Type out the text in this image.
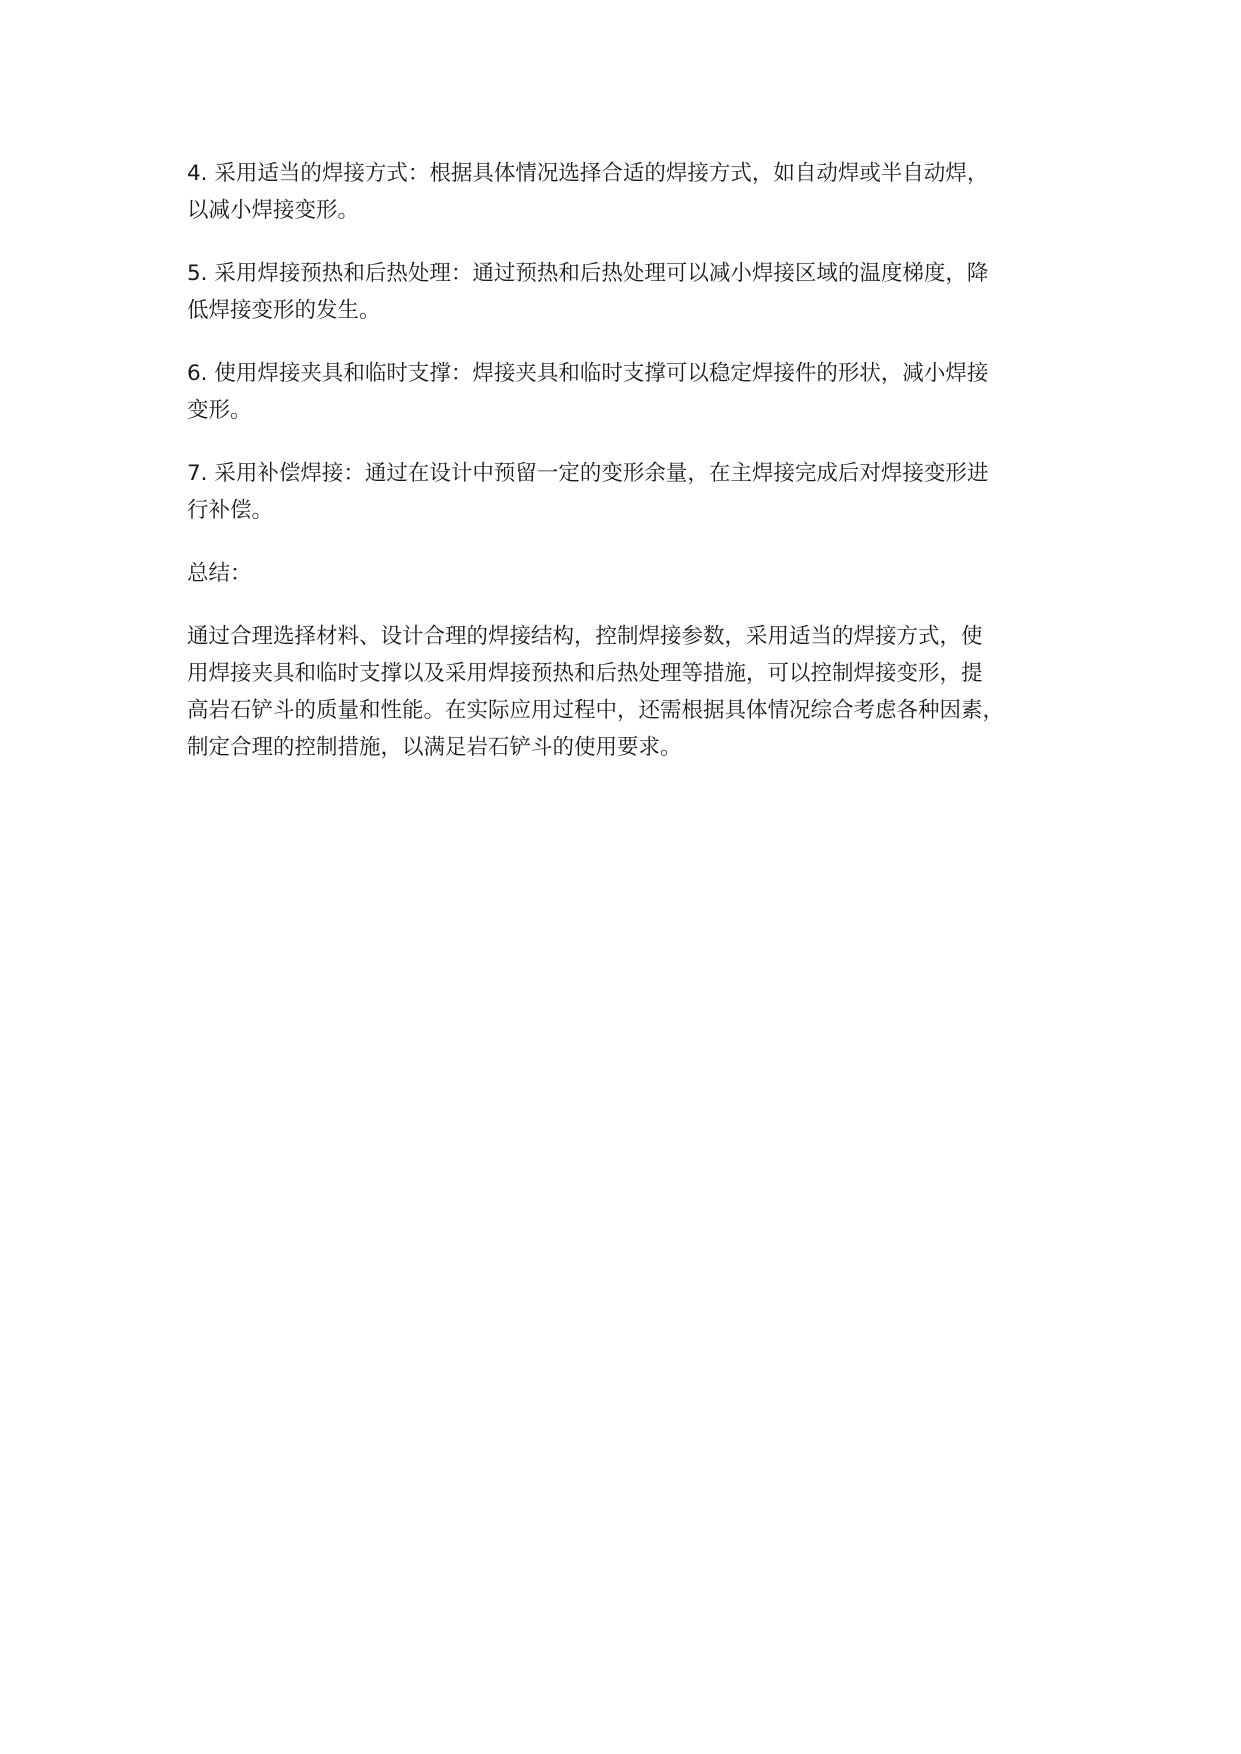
4. 采用适当的焊接方式：根据具体情况选择合适的焊接方式，如自动焊或半自动焊，
以减小焊接变形。

5. 采用焊接预热和后热处理：通过预热和后热处理可以减小焊接区域的温度梯度，降
低焊接变形的发生。

6. 使用焊接夹具和临时支撑：焊接夹具和临时支撑可以稳定焊接件的形状，减小焊接
变形。

7. 采用补偿焊接：通过在设计中预留一定的变形余量，在主焊接完成后对焊接变形进
行补偿。

总结：

通过合理选择材料、设计合理的焊接结构，控制焊接参数，采用适当的焊接方式，使
用焊接夹具和临时支撑以及采用焊接预热和后热处理等措施，可以控制焊接变形，提
高岩石铲斗的质量和性能。在实际应用过程中，还需根据具体情况综合考虑各种因素，
制定合理的控制措施，以满足岩石铲斗的使用要求。
